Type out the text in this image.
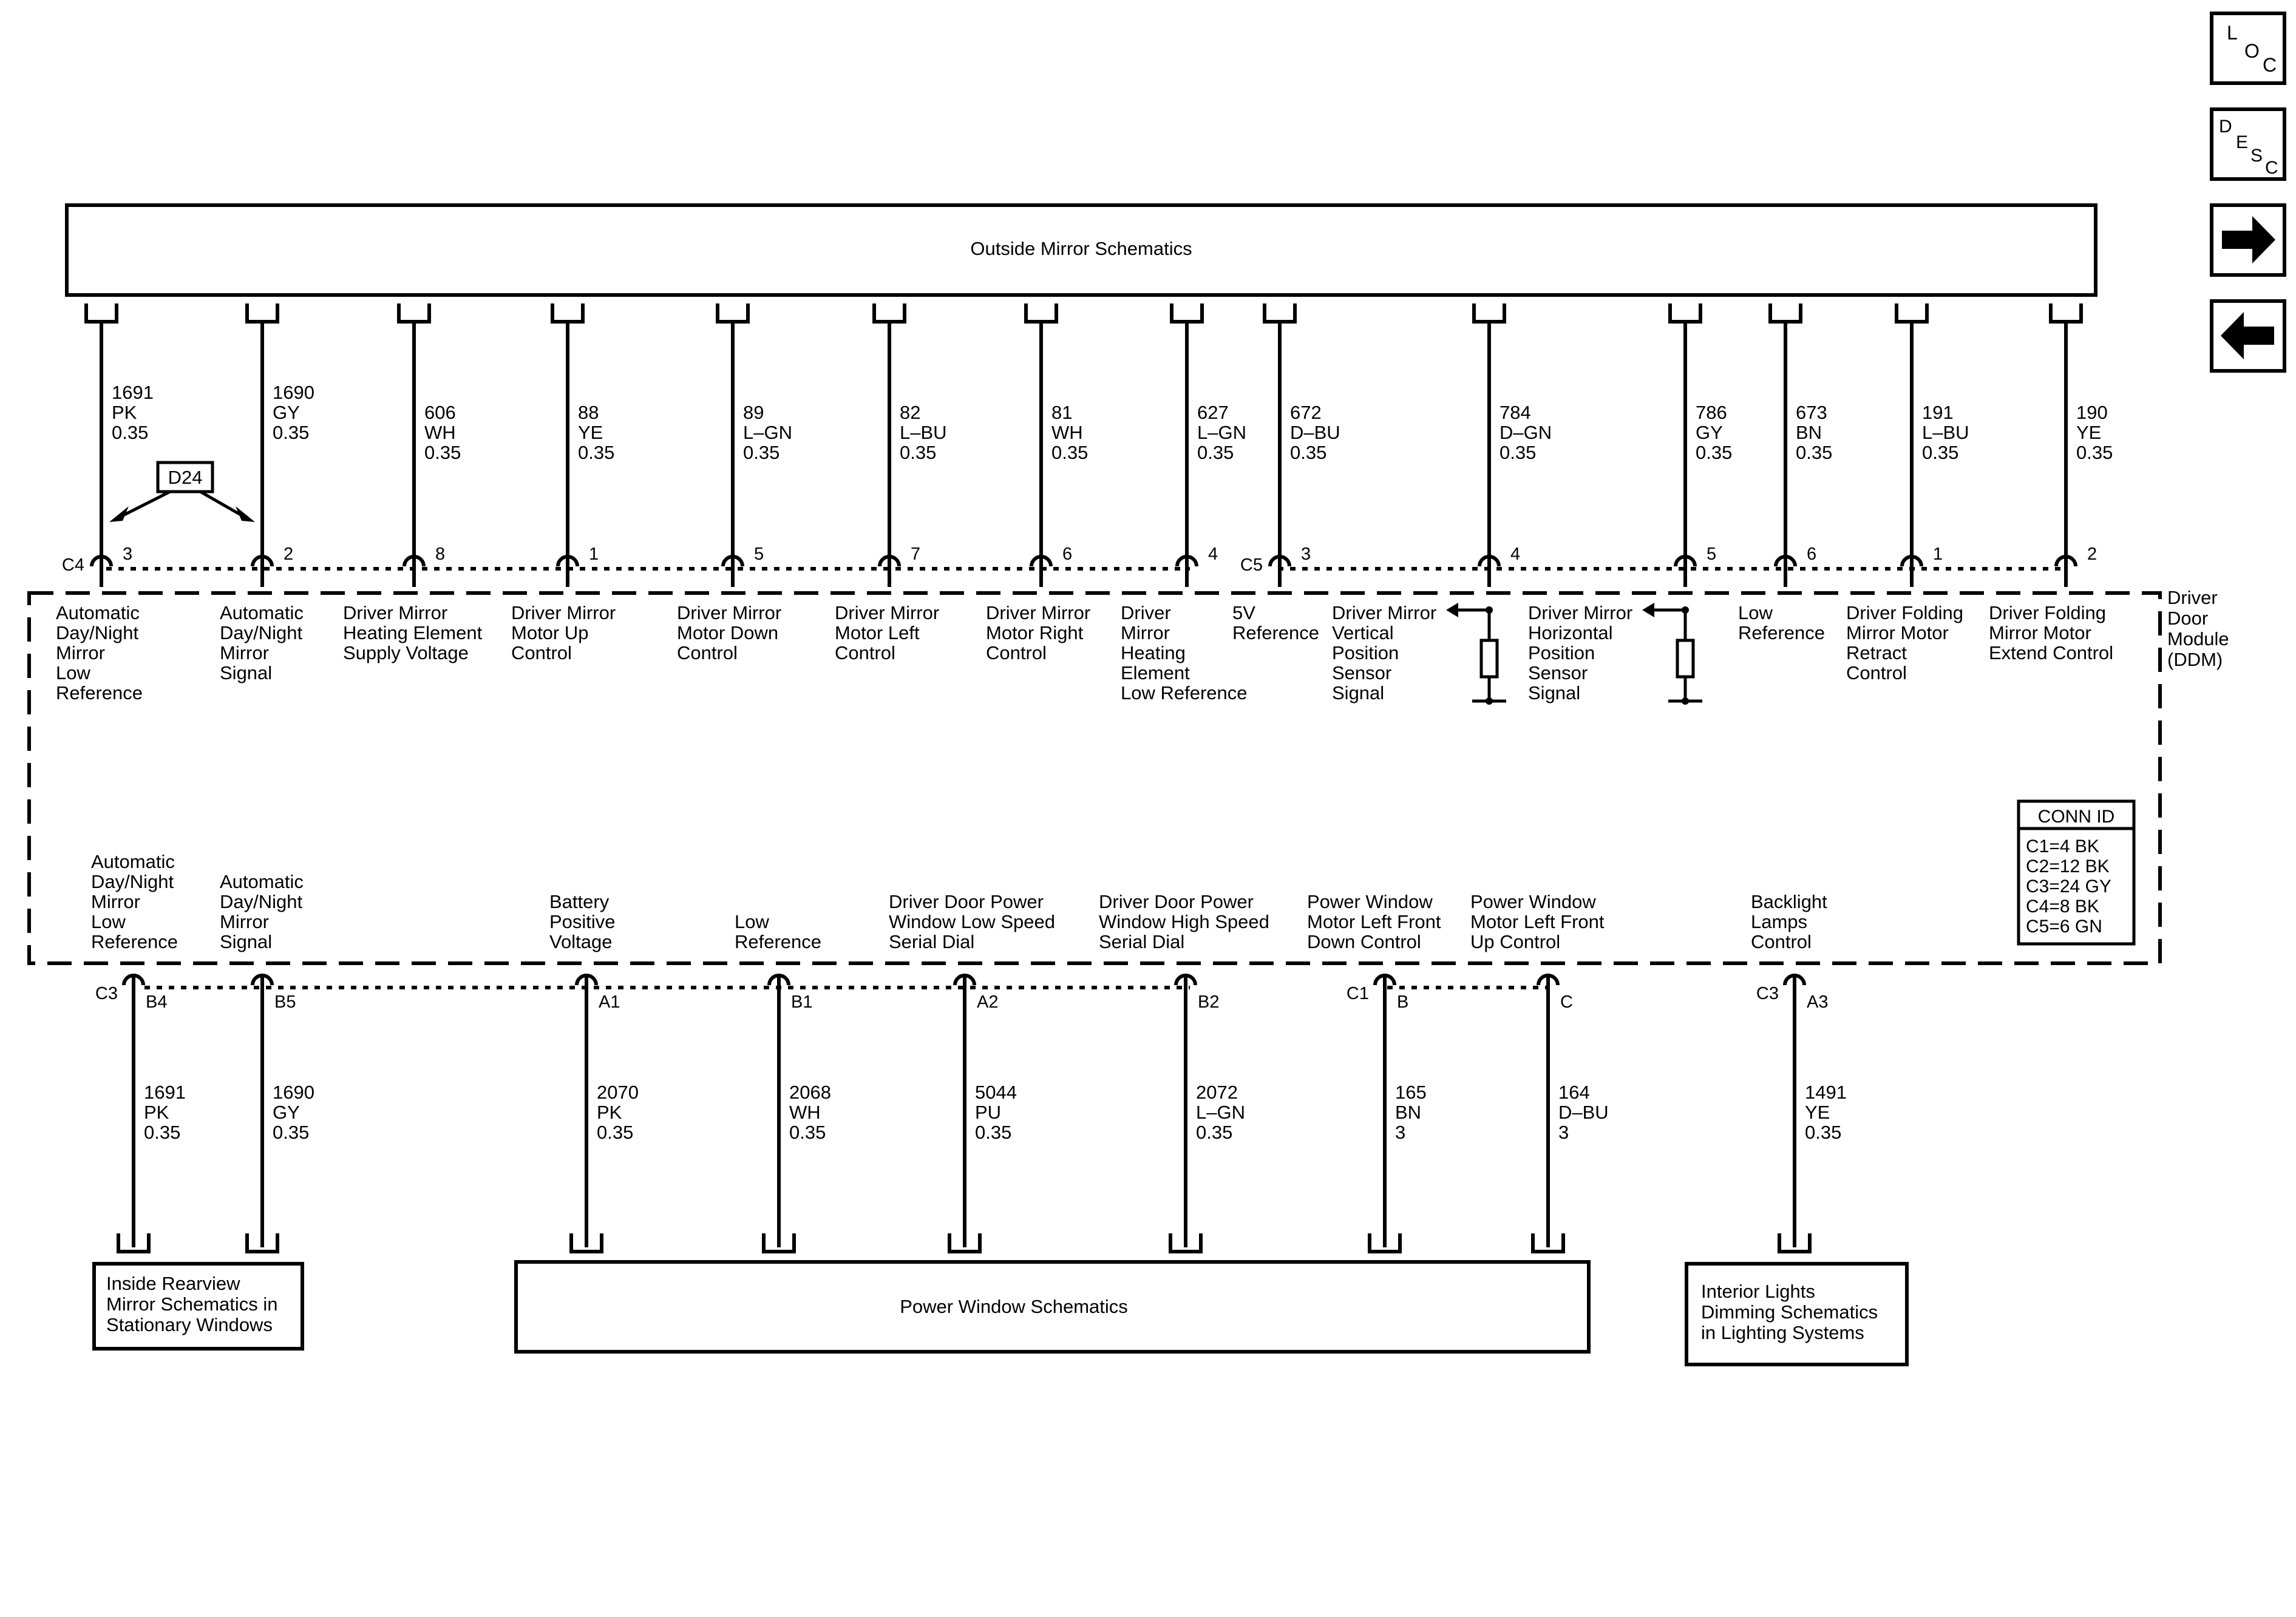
L
O
C
D
E
S
C
Outside Mirror Schematics
Driver Door Module (DDM)
D24
CONN ID
C1=4 BK C2=12 BK C3=24 GY C4=8 BK C5=6 GN
Inside Rearview Mirror Schematics in Stationary Windows
Power Window Schematics
Interior Lights Dimming Schematics in Lighting Systems
1691 PK 0.35
3
C4
Automatic Day/Night Mirror Low Reference
1690 GY 0.35
2
Automatic Day/Night Mirror Signal
606 WH 0.35
8
Driver Mirror Heating Element Supply Voltage
88 YE 0.35
1
Driver Mirror Motor Up Control
89 L–GN 0.35
5
Driver Mirror Motor Down Control
82 L–BU 0.35
7
Driver Mirror Motor Left Control
81 WH 0.35
6
Driver Mirror Motor Right Control
627 L–GN 0.35
4
Driver Mirror Heating Element Low Reference
672 D–BU 0.35
3
C5
5V Reference
784 D–GN 0.35
4
Driver Mirror Vertical Position Sensor Signal
786 GY 0.35
5
Driver Mirror Horizontal Position Sensor Signal
673 BN 0.35
6
Low Reference
191 L–BU 0.35
1
Driver Folding Mirror Motor Retract Control
190 YE 0.35
2
Driver Folding Mirror Motor Extend Control
B4
C3
1691 PK 0.35
Automatic Day/Night Mirror Low Reference
B5
1690 GY 0.35
Automatic Day/Night Mirror Signal
A1
2070 PK 0.35
Battery Positive Voltage
B1
2068 WH 0.35
Low Reference
A2
5044 PU 0.35
Driver Door Power Window Low Speed Serial Dial
B2
2072 L–GN 0.35
Driver Door Power Window High Speed Serial Dial
B
C1
165 BN 3
Power Window Motor Left Front Down Control
C
164 D–BU 3
Power Window Motor Left Front Up Control
A3
C3
1491 YE 0.35
Backlight Lamps Control
